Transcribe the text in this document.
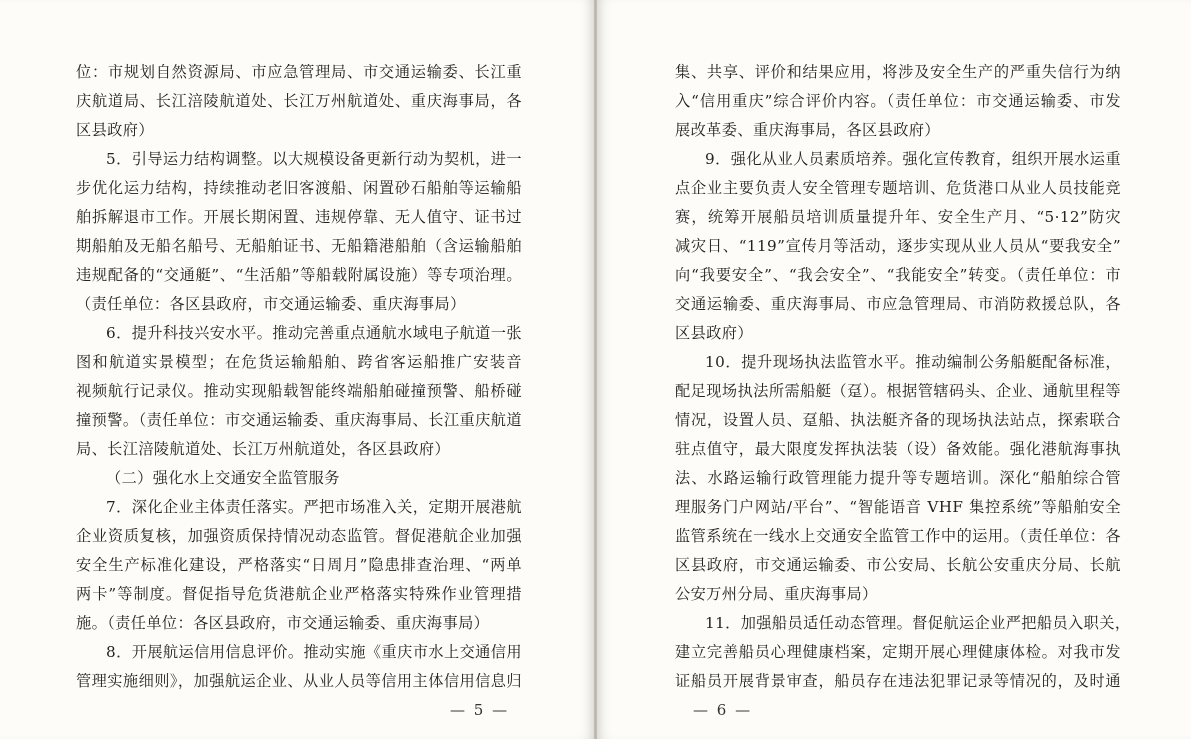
位：市规划自然资源局、市应急管理局、市交通运输委、长江重
庆航道局、长江涪陵航道处、长江万州航道处、重庆海事局，各
区县政府）
5．引导运力结构调整。以大规模设备更新行动为契机，进一
步优化运力结构，持续推动老旧客渡船、闲置砂石船舶等运输船
舶拆解退市工作。开展长期闲置、违规停靠、无人值守、证书过
期船舶及无船名船号、无船舶证书、无船籍港船舶（含运输船舶
违规配备的“交通艇”、“生活船”等船载附属设施）等专项治理。
（责任单位：各区县政府，市交通运输委、重庆海事局）
6．提升科技兴安水平。推动完善重点通航水域电子航道一张
图和航道实景模型；在危货运输船舶、跨省客运船推广安装音
视频航行记录仪。推动实现船载智能终端船舶碰撞预警、船桥碰
撞预警。（责任单位：市交通运输委、重庆海事局、长江重庆航道
局、长江涪陵航道处、长江万州航道处，各区县政府）
（二）强化水上交通安全监管服务
7．深化企业主体责任落实。严把市场准入关，定期开展港航
企业资质复核，加强资质保持情况动态监管。督促港航企业加强
安全生产标准化建设，严格落实“日周月”隐患排查治理、“两单
两卡”等制度。督促指导危货港航企业严格落实特殊作业管理措
施。（责任单位：各区县政府，市交通运输委、重庆海事局）
8．开展航运信用信息评价。推动实施《重庆市水上交通信用
管理实施细则》，加强航运企业、从业人员等信用主体信用信息归
— 5 —
集、共享、评价和结果应用，将涉及安全生产的严重失信行为纳
入“信用重庆”综合评价内容。（责任单位：市交通运输委、市发
展改革委、重庆海事局，各区县政府）
9．强化从业人员素质培养。强化宣传教育，组织开展水运重
点企业主要负责人安全管理专题培训、危货港口从业人员技能竞
赛，统筹开展船员培训质量提升年、安全生产月、“5·12”防灾
减灾日、“119”宣传月等活动，逐步实现从业人员从“要我安全”
向“我要安全”、“我会安全”、“我能安全”转变。（责任单位：市
交通运输委、重庆海事局、市应急管理局、市消防救援总队，各
区县政府）
10．提升现场执法监管水平。推动编制公务船艇配备标准，
配足现场执法所需船艇（趸）。根据管辖码头、企业、通航里程等
情况，设置人员、趸船、执法艇齐备的现场执法站点，探索联合
驻点值守，最大限度发挥执法装（设）备效能。强化港航海事执
法、水路运输行政管理能力提升等专题培训。深化“船舶综合管
理服务门户网站/平台”、“智能语音 VHF 集控系统”等船舶安全
监管系统在一线水上交通安全监管工作中的运用。（责任单位：各
区县政府，市交通运输委、市公安局、长航公安重庆分局、长航
公安万州分局、重庆海事局）
11．加强船员适任动态管理。督促航运企业严把船员入职关，
建立完善船员心理健康档案，定期开展心理健康体检。对我市发
证船员开展背景审查，船员存在违法犯罪记录等情况的，及时通
— 6 —
